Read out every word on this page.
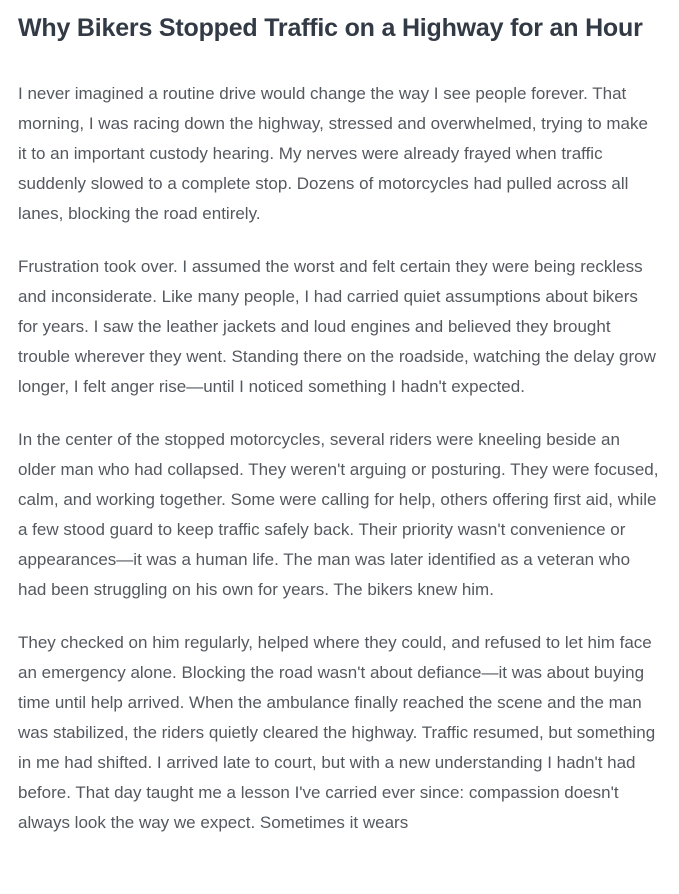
Why Bikers Stopped Traffic on a Highway for an Hour

I never imagined a routine drive would change the way I see people forever. That morning, I was racing down the highway, stressed and overwhelmed, trying to make it to an important custody hearing. My nerves were already frayed when traffic suddenly slowed to a complete stop. Dozens of motorcycles had pulled across all lanes, blocking the road entirely.

Frustration took over. I assumed the worst and felt certain they were being reckless and inconsiderate. Like many people, I had carried quiet assumptions about bikers for years. I saw the leather jackets and loud engines and believed they brought trouble wherever they went. Standing there on the roadside, watching the delay grow longer, I felt anger rise—until I noticed something I hadn't expected.

In the center of the stopped motorcycles, several riders were kneeling beside an older man who had collapsed. They weren't arguing or posturing. They were focused, calm, and working together. Some were calling for help, others offering first aid, while a few stood guard to keep traffic safely back. Their priority wasn't convenience or appearances—it was a human life. The man was later identified as a veteran who had been struggling on his own for years. The bikers knew him.

They checked on him regularly, helped where they could, and refused to let him face an emergency alone. Blocking the road wasn't about defiance—it was about buying time until help arrived. When the ambulance finally reached the scene and the man was stabilized, the riders quietly cleared the highway. Traffic resumed, but something in me had shifted. I arrived late to court, but with a new understanding I hadn't had before. That day taught me a lesson I've carried ever since: compassion doesn't always look the way we expect. Sometimes it wears
